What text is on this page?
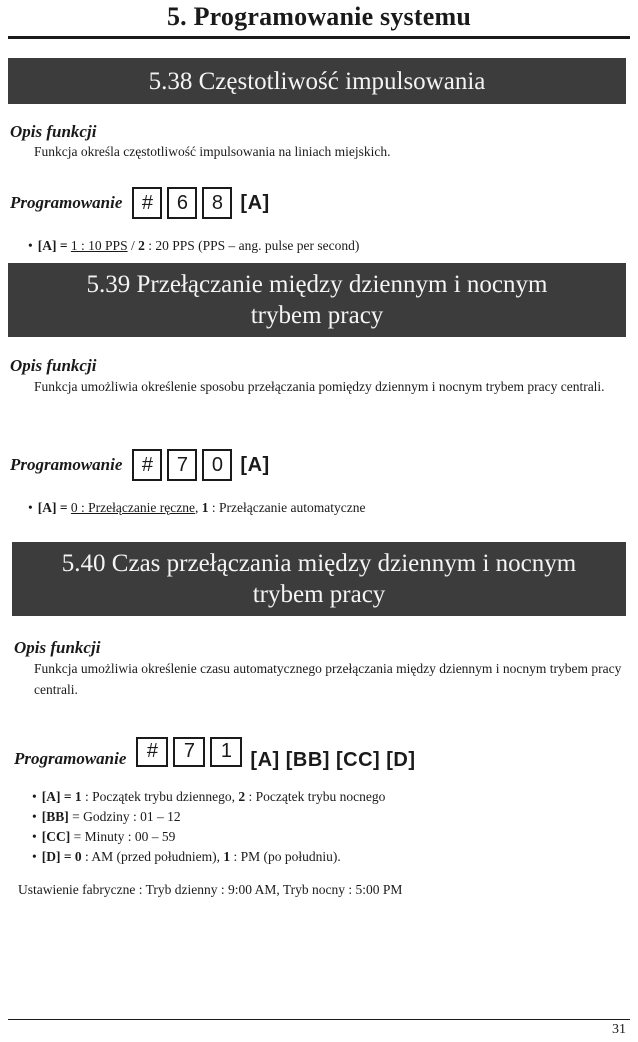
5. Programowanie systemu
5.38 Częstotliwość impulsowania
Opis funkcji
Funkcja określa częstotliwość impulsowania na liniach miejskich.
Programowanie #	6	8 [A]
• [A] = 1 : 10 PPS / 2 : 20 PPS (PPS – ang. pulse per second)
5.39 Przełączanie między dziennym i nocnym
trybem pracy
Opis funkcji
Funkcja umożliwia określenie sposobu przełączania pomiędzy dziennym i nocnym trybem pracy centrali.
Programowanie #	7	0 [A]
• [A] = 0 : Przełączanie ręczne, 1 : Przełączanie automatyczne
5.40 Czas przełączania między dziennym i nocnym
trybem pracy
Opis funkcji
Funkcja umożliwia określenie czasu automatycznego przełączania między dziennym i nocnym trybem pracy centrali.
Programowanie	#	7	1 [A] [BB] [CC] [D]
• [A] = 1 : Początek trybu dziennego, 2 : Początek trybu nocnego
• [BB] = Godziny : 01 – 12
• [CC] = Minuty : 00 – 59
• [D] = 0 : AM (przed południem), 1 : PM (po południu).
Ustawienie fabryczne : Tryb dzienny : 9:00 AM, Tryb nocny : 5:00 PM
31
